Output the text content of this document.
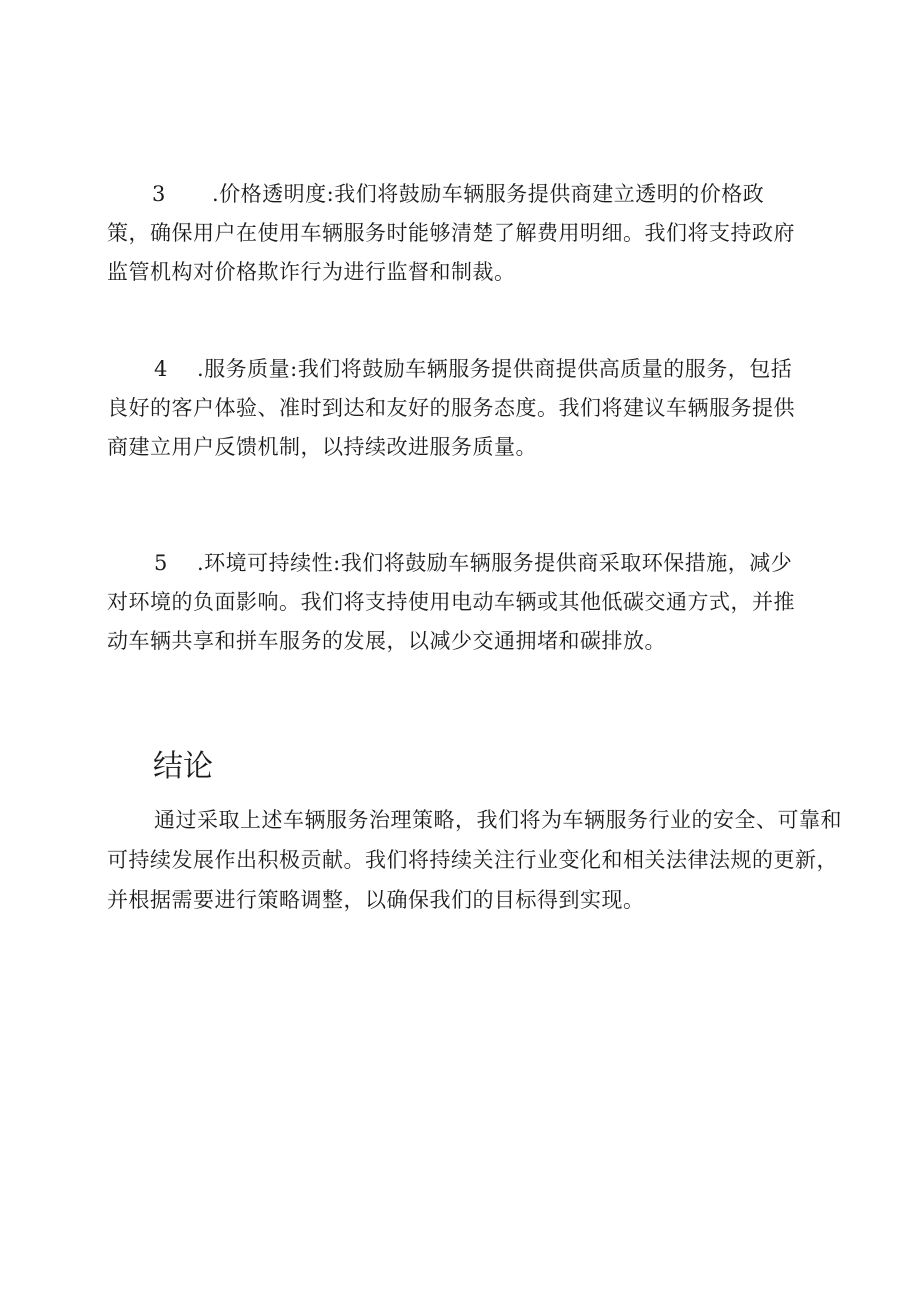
3 .价格透明度:我们将鼓励车辆服务提供商建立透明的价格政策，确保用户在使用车辆服务时能够清楚了解费用明细。我们将支持政府监管机构对价格欺诈行为进行监督和制裁。

4 .服务质量:我们将鼓励车辆服务提供商提供高质量的服务，包括良好的客户体验、准时到达和友好的服务态度。我们将建议车辆服务提供商建立用户反馈机制，以持续改进服务质量。

5 .环境可持续性:我们将鼓励车辆服务提供商采取环保措施，减少对环境的负面影响。我们将支持使用电动车辆或其他低碳交通方式，并推动车辆共享和拼车服务的发展，以减少交通拥堵和碳排放。

结论

通过采取上述车辆服务治理策略，我们将为车辆服务行业的安全、可靠和可持续发展作出积极贡献。我们将持续关注行业变化和相关法律法规的更新，并根据需要进行策略调整，以确保我们的目标得到实现。
